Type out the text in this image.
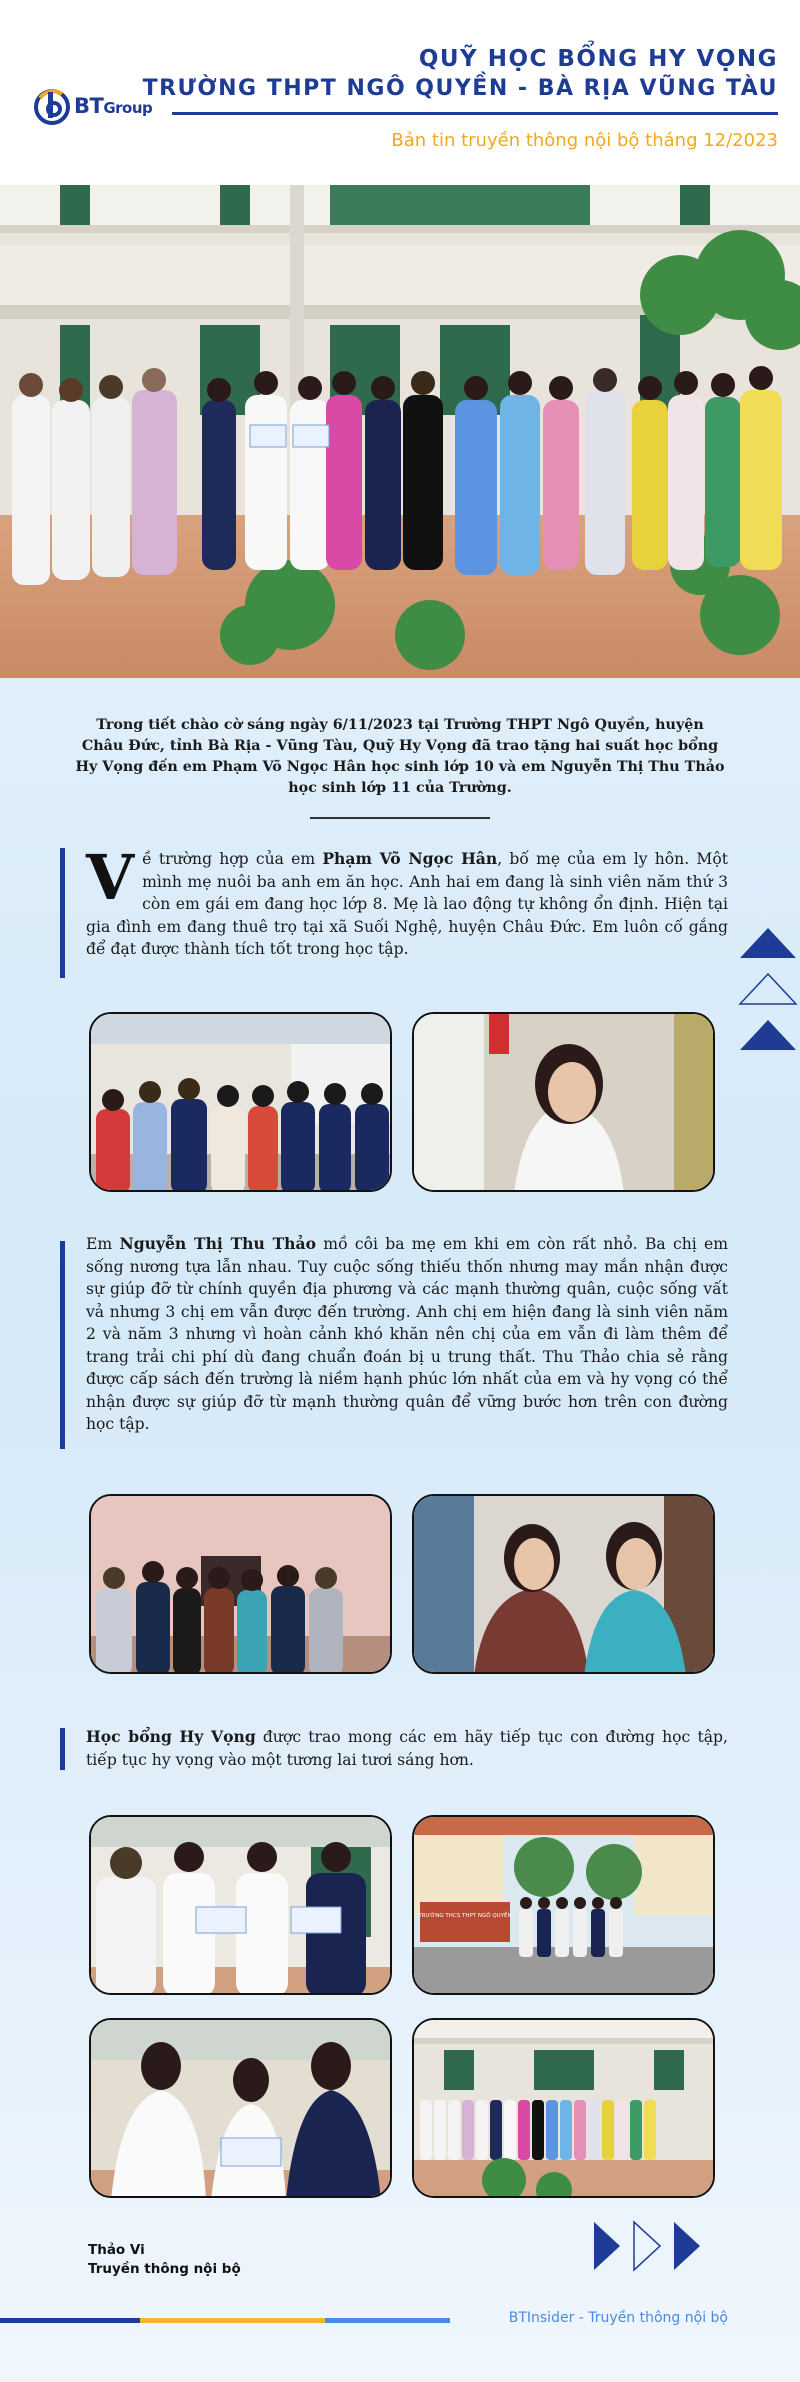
BTGroup
QUỸ HỌC BỔNG HY VỌNG
TRƯỜNG THPT NGÔ QUYỀN - BÀ RỊA VŨNG TÀU
Bản tin truyền thông nội bộ tháng 12/2023
Trong tiết chào cờ sáng ngày 6/11/2023 tại Trường THPT Ngô Quyền, huyện Châu Đức, tỉnh Bà Rịa - Vũng Tàu, Quỹ Hy Vọng đã trao tặng hai suất học bổng Hy Vọng đến em Phạm Võ Ngọc Hân học sinh lớp 10 và em Nguyễn Thị Thu Thảo học sinh lớp 11 của Trường.
Về trường hợp của em Phạm Võ Ngọc Hân, bố mẹ của em ly hôn. Một mình mẹ nuôi ba anh em ăn học. Anh hai em đang là sinh viên năm thứ 3 còn em gái em đang học lớp 8. Mẹ là lao động tự không ổn định. Hiện tại gia đình em đang thuê trọ tại xã Suối Nghệ, huyện Châu Đức. Em luôn cố gắng để đạt được thành tích tốt trong học tập.
Em Nguyễn Thị Thu Thảo mồ côi ba mẹ em khi em còn rất nhỏ. Ba chị em sống nương tựa lẫn nhau. Tuy cuộc sống thiếu thốn nhưng may mắn nhận được sự giúp đỡ từ chính quyền địa phương và các mạnh thường quân, cuộc sống vất vả nhưng 3 chị em vẫn được đến trường. Anh chị em hiện đang là sinh viên năm 2 và năm 3 nhưng vì hoàn cảnh khó khăn nên chị của em vẫn đi làm thêm để trang trải chi phí dù đang chuẩn đoán bị u trung thất. Thu Thảo chia sẻ rằng được cấp sách đến trường là niềm hạnh phúc lớn nhất của em và hy vọng có thể nhận được sự giúp đỡ từ mạnh thường quân để vững bước hơn trên con đường học tập.
Học bổng Hy Vọng được trao mong các em hãy tiếp tục con đường học tập, tiếp tục hy vọng vào một tương lai tươi sáng hơn.
TRƯỜNG THCS THPT NGÔ QUYỀN
Thảo Vi
Truyền thông nội bộ
BTInsider - Truyền thông nội bộ
